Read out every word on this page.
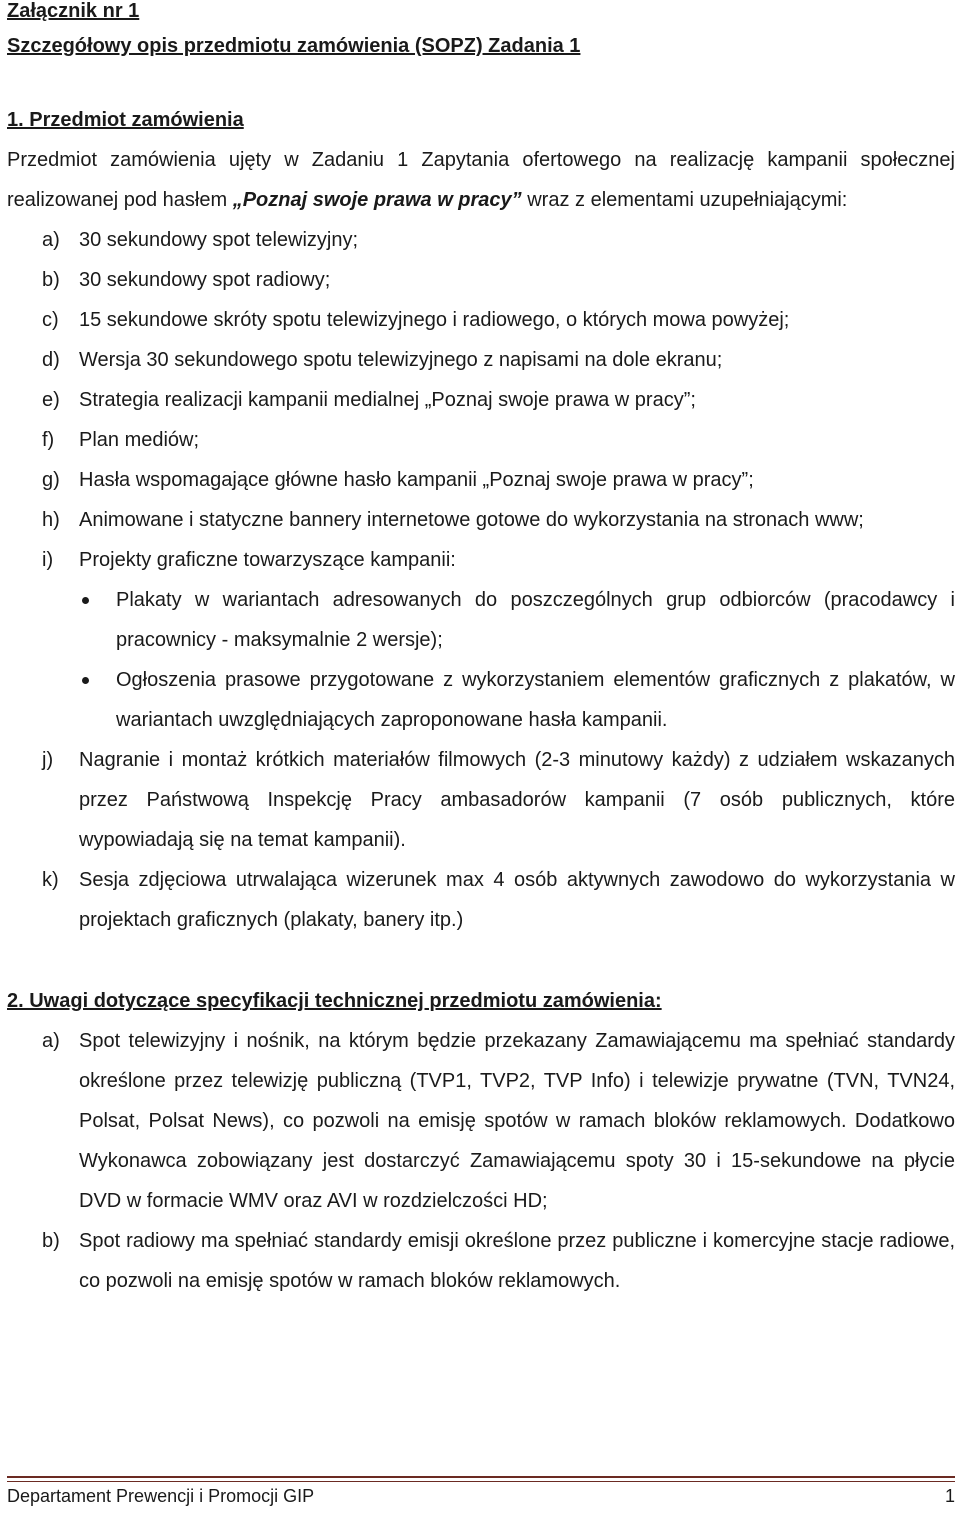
Załącznik nr 1

Szczegółowy opis przedmiotu zamówienia (SOPZ) Zadania 1

1. Przedmiot zamówienia

Przedmiot zamówienia ujęty w Zadaniu 1 Zapytania ofertowego na realizację kampanii społecznej realizowanej pod hasłem „Poznaj swoje prawa w pracy” wraz z elementami uzupełniającymi:

a) 30 sekundowy spot telewizyjny;
b) 30 sekundowy spot radiowy;
c) 15 sekundowe skróty spotu telewizyjnego i radiowego, o których mowa powyżej;
d) Wersja 30 sekundowego spotu telewizyjnego z napisami na dole ekranu;
e) Strategia realizacji kampanii medialnej „Poznaj swoje prawa w pracy”;
f) Plan mediów;
g) Hasła wspomagające główne hasło kampanii „Poznaj swoje prawa w pracy”;
h) Animowane i statyczne bannery internetowe gotowe do wykorzystania na stronach www;
i) Projekty graficzne towarzyszące kampanii:
Plakaty w wariantach adresowanych do poszczególnych grup odbiorców (pracodawcy i pracownicy - maksymalnie 2 wersje);
Ogłoszenia prasowe przygotowane z wykorzystaniem elementów graficznych z plakatów, w wariantach uwzględniających zaproponowane hasła kampanii.
j) Nagranie i montaż krótkich materiałów filmowych (2-3 minutowy każdy) z udziałem wskazanych przez Państwową Inspekcję Pracy ambasadorów kampanii (7 osób publicznych, które wypowiadają się na temat kampanii).
k) Sesja zdjęciowa utrwalająca wizerunek max 4 osób aktywnych zawodowo do wykorzystania w projektach graficznych (plakaty, banery itp.)

2. Uwagi dotyczące specyfikacji technicznej przedmiotu zamówienia:

a) Spot telewizyjny i nośnik, na którym będzie przekazany Zamawiającemu ma spełniać standardy określone przez telewizję publiczną (TVP1, TVP2, TVP Info) i telewizje prywatne (TVN, TVN24, Polsat, Polsat News), co pozwoli na emisję spotów w ramach bloków reklamowych. Dodatkowo Wykonawca zobowiązany jest dostarczyć Zamawiającemu spoty 30 i 15-sekundowe na płycie DVD w formacie WMV oraz AVI w rozdzielczości HD;
b) Spot radiowy ma spełniać standardy emisji określone przez publiczne i komercyjne stacje radiowe, co pozwoli na emisję spotów w ramach bloków reklamowych.
Departament Prewencji i Promocji GIP	1
